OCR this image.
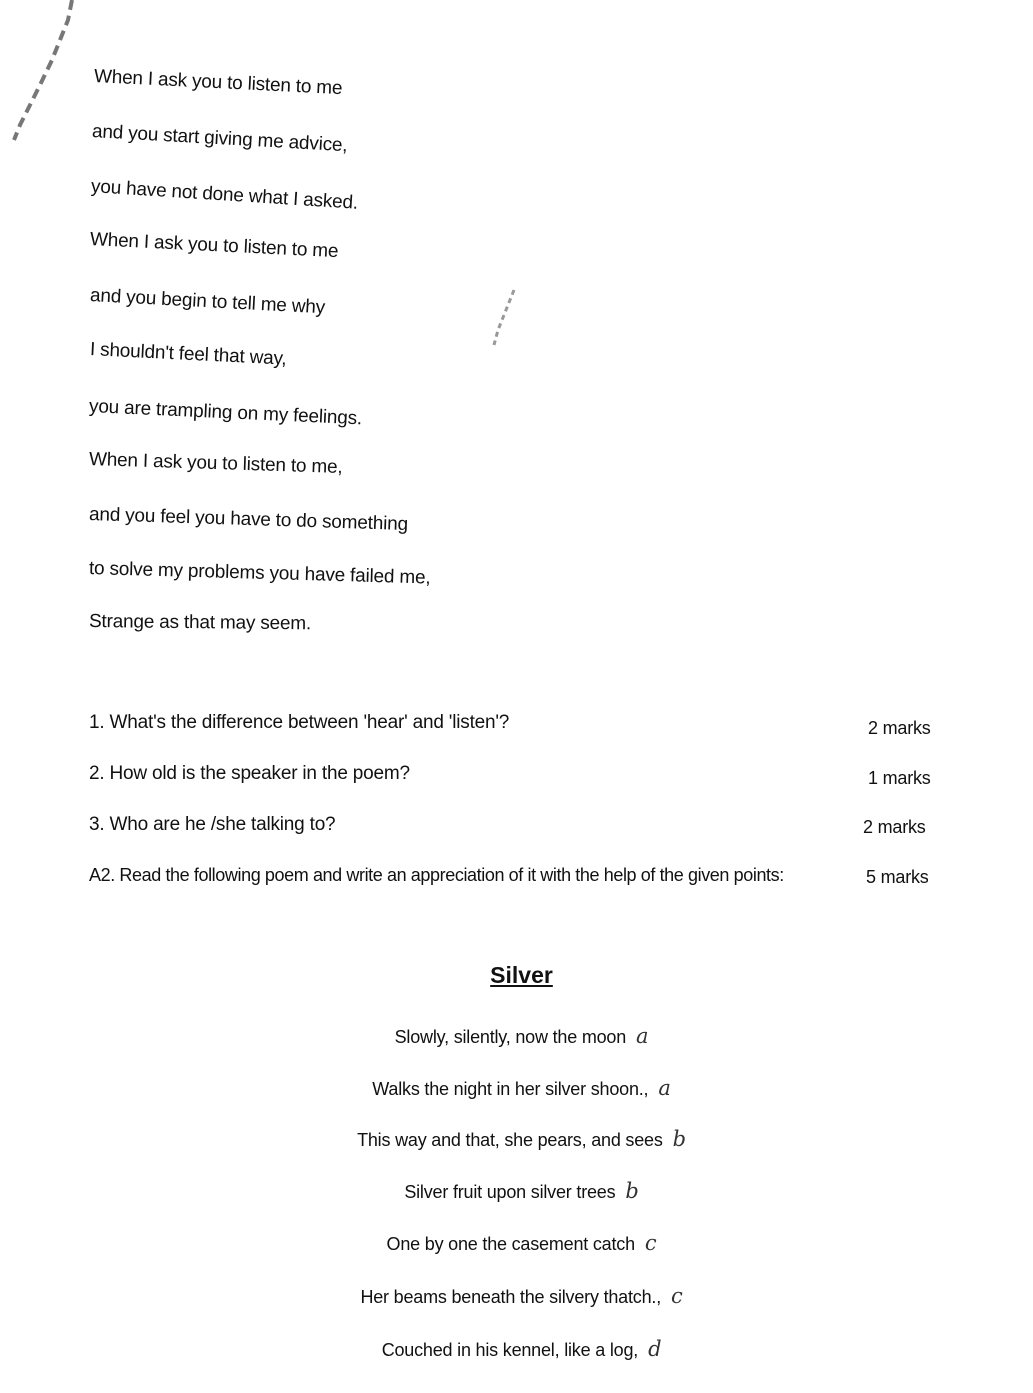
When I ask you to listen to me
and you start giving me advice,
you have not done what I asked.
When I ask you to listen to me
and you begin to tell me why
I shouldn't feel that way,
you are trampling on my feelings.
When I ask you to listen to me,
and you feel you have to do something
to solve my problems you have failed me,
Strange as that may seem.
1. What's the difference between 'hear' and 'listen'?	2 marks
2. How old is the speaker in the poem?	1 marks
3. Who are he /she talking to?	2 marks
A2. Read the following poem and write an appreciation of it with the help of the given points:	5 marks
Silver
Slowly, silently, now the moon a
Walks the night in her silver shoon., a
This way and that, she pears, and sees b
Silver fruit upon silver trees b
One by one the casement catch c
Her beams beneath the silvery thatch., c
Couched in his kennel, like a log, d
